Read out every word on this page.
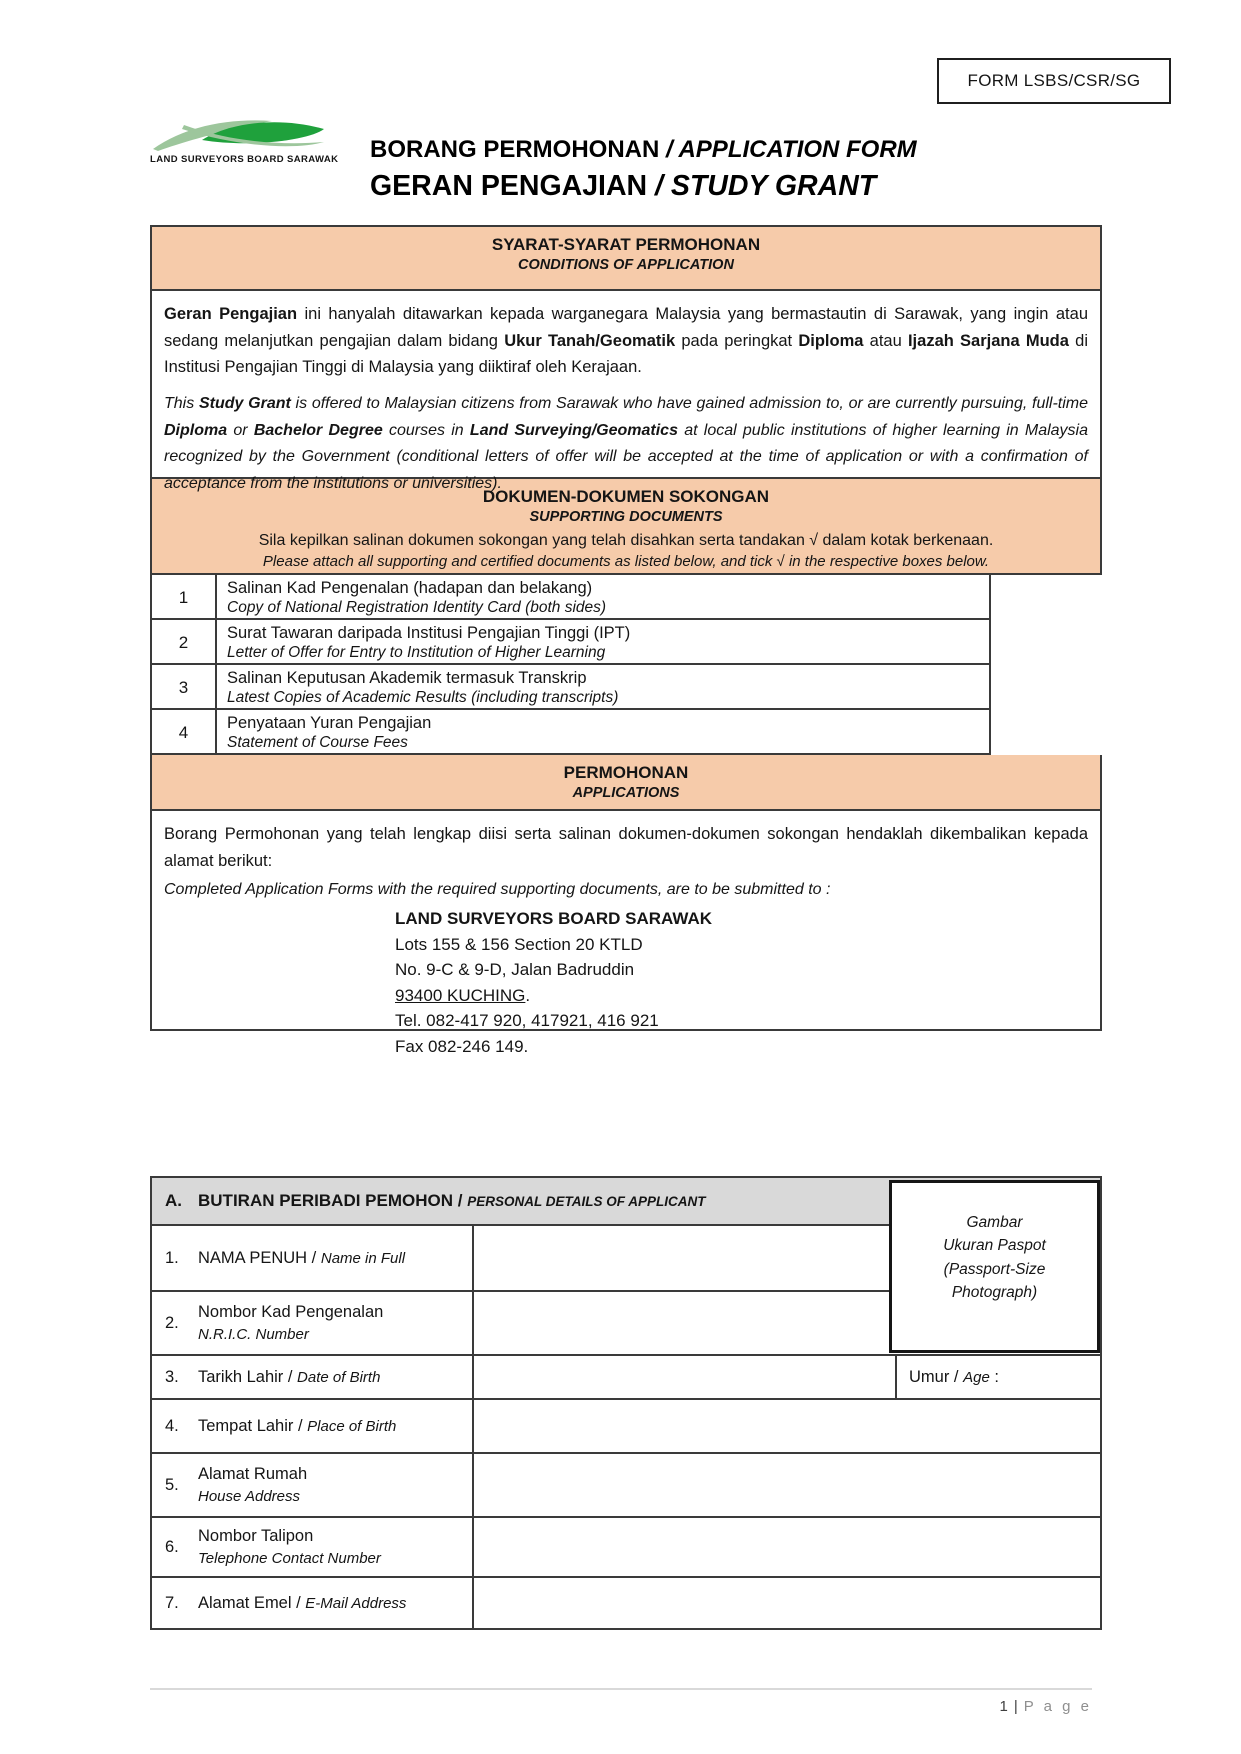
FORM LSBS/CSR/SG
LAND SURVEYORS BOARD SARAWAK BORANG PERMOHONAN / APPLICATION FORM
GERAN PENGAJIAN / STUDY GRANT
SYARAT-SYARAT PERMOHONAN
CONDITIONS OF APPLICATION

Geran Pengajian ini hanyalah ditawarkan kepada warganegara Malaysia yang bermastautin di Sarawak, yang ingin atau sedang melanjutkan pengajian dalam bidang Ukur Tanah/Geomatik pada peringkat Diploma atau Ijazah Sarjana Muda di Institusi Pengajian Tinggi di Malaysia yang diiktiraf oleh Kerajaan.

This Study Grant is offered to Malaysian citizens from Sarawak who have gained admission to, or are currently pursuing, full-time Diploma or Bachelor Degree courses in Land Surveying/Geomatics at local public institutions of higher learning in Malaysia recognized by the Government (conditional letters of offer will be accepted at the time of application or with a confirmation of acceptance from the institutions or universities).

DOKUMEN-DOKUMEN SOKONGAN
SUPPORTING DOCUMENTS
Sila kepilkan salinan dokumen sokongan yang telah disahkan serta tandakan √ dalam kotak berkenaan.
Please attach all supporting and certified documents as listed below, and tick √ in the respective boxes below.
1	Salinan Kad Pengenalan (hadapan dan belakang)
Copy of National Registration Identity Card (both sides)
2	Surat Tawaran daripada Institusi Pengajian Tinggi (IPT)
Letter of Offer for Entry to Institution of Higher Learning
3	Salinan Keputusan Akademik termasuk Transkrip
Latest Copies of Academic Results (including transcripts)
4	Penyataan Yuran Pengajian
Statement of Course Fees
PERMOHONAN
APPLICATIONS

Borang Permohonan yang telah lengkap diisi serta salinan dokumen-dokumen sokongan hendaklah dikembalikan kepada alamat berikut:

Completed Application Forms with the required supporting documents, are to be submitted to :

LAND SURVEYORS BOARD SARAWAK
Lots 155 & 156 Section 20 KTLD
No. 9-C & 9-D, Jalan Badruddin
93400 KUCHING.
Tel. 082-417 920, 417921, 416 921
Fax 082-246 149.
A. BUTIRAN PERIBADI PEMOHON / PERSONAL DETAILS OF APPLICANT
1.	NAMA PENUH / Name in Full
2.
Nombor Kad Pengenalan
N.R.I.C. Number
3.	Tarikh Lahir / Date of Birth	Umur / Age :
4.	Tempat Lahir / Place of Birth
5.
Alamat Rumah
House Address
6.
Nombor Talipon
Telephone Contact Number
7.	Alamat Emel / E-Mail Address
Gambar
Ukuran Paspot
(Passport-Size
Photograph)
1 | P a g e
